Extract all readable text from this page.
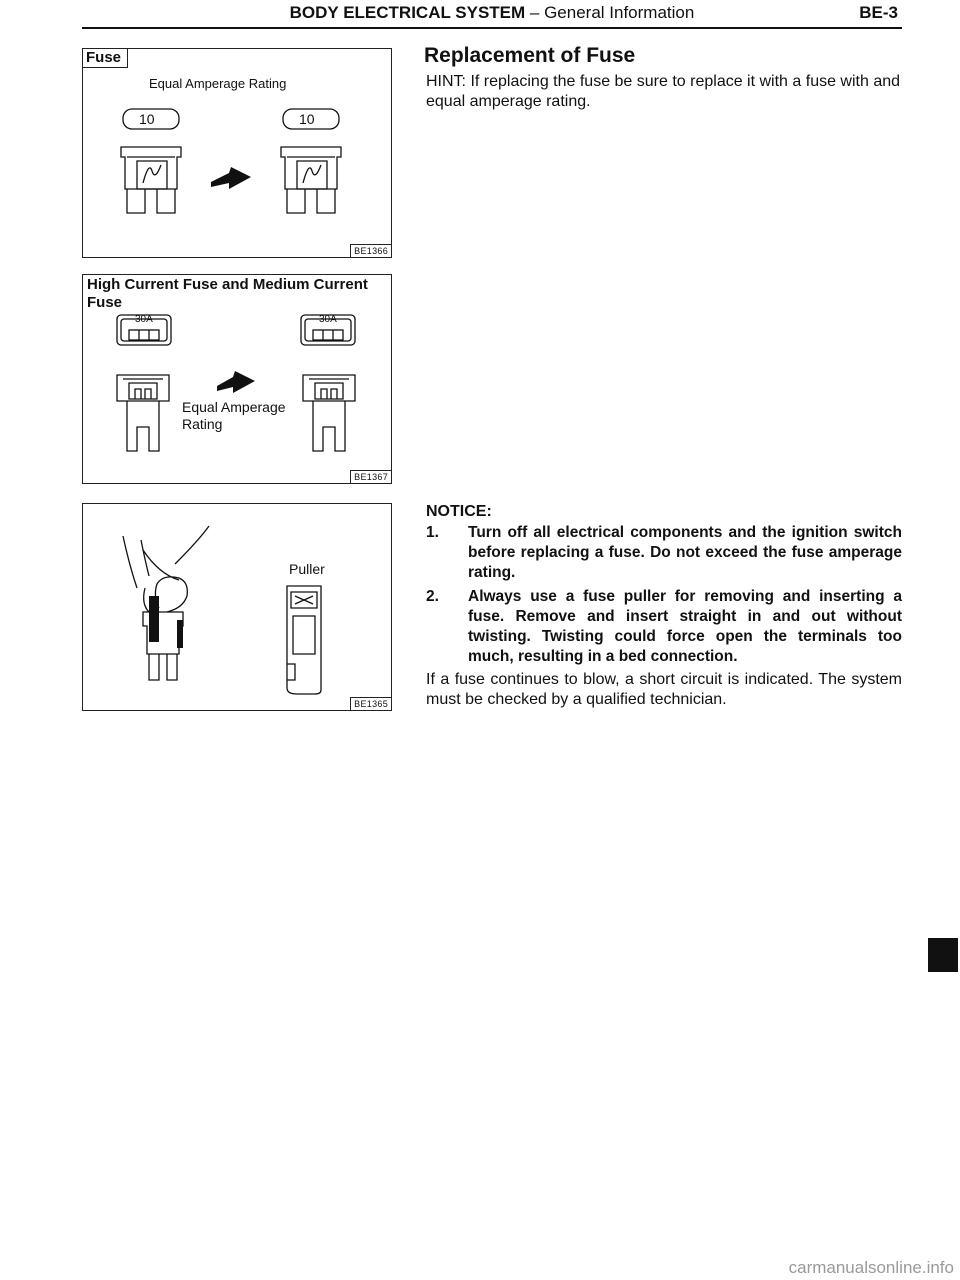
BODY ELECTRICAL SYSTEM – General Information	BE-3
Fuse
Equal Amperage Rating
10	10
BE1366
High Current Fuse and Medium Current
Fuse
30A	30A
Equal Amperage
Rating
BE1367
Puller
BE1365
Replacement of Fuse
HINT: If replacing the fuse be sure to replace it with a fuse with and equal amperage rating.
NOTICE:
1. Turn off all electrical components and the ignition switch before replacing a fuse. Do not exceed the fuse amperage rating.
2. Always use a fuse puller for removing and inserting a fuse. Remove and insert straight in and out without twisting. Twisting could force open the terminals too much, resulting in a bed connection.
If a fuse continues to blow, a short circuit is indicated. The system must be checked by a qualified technician.
carmanualsonline.info
